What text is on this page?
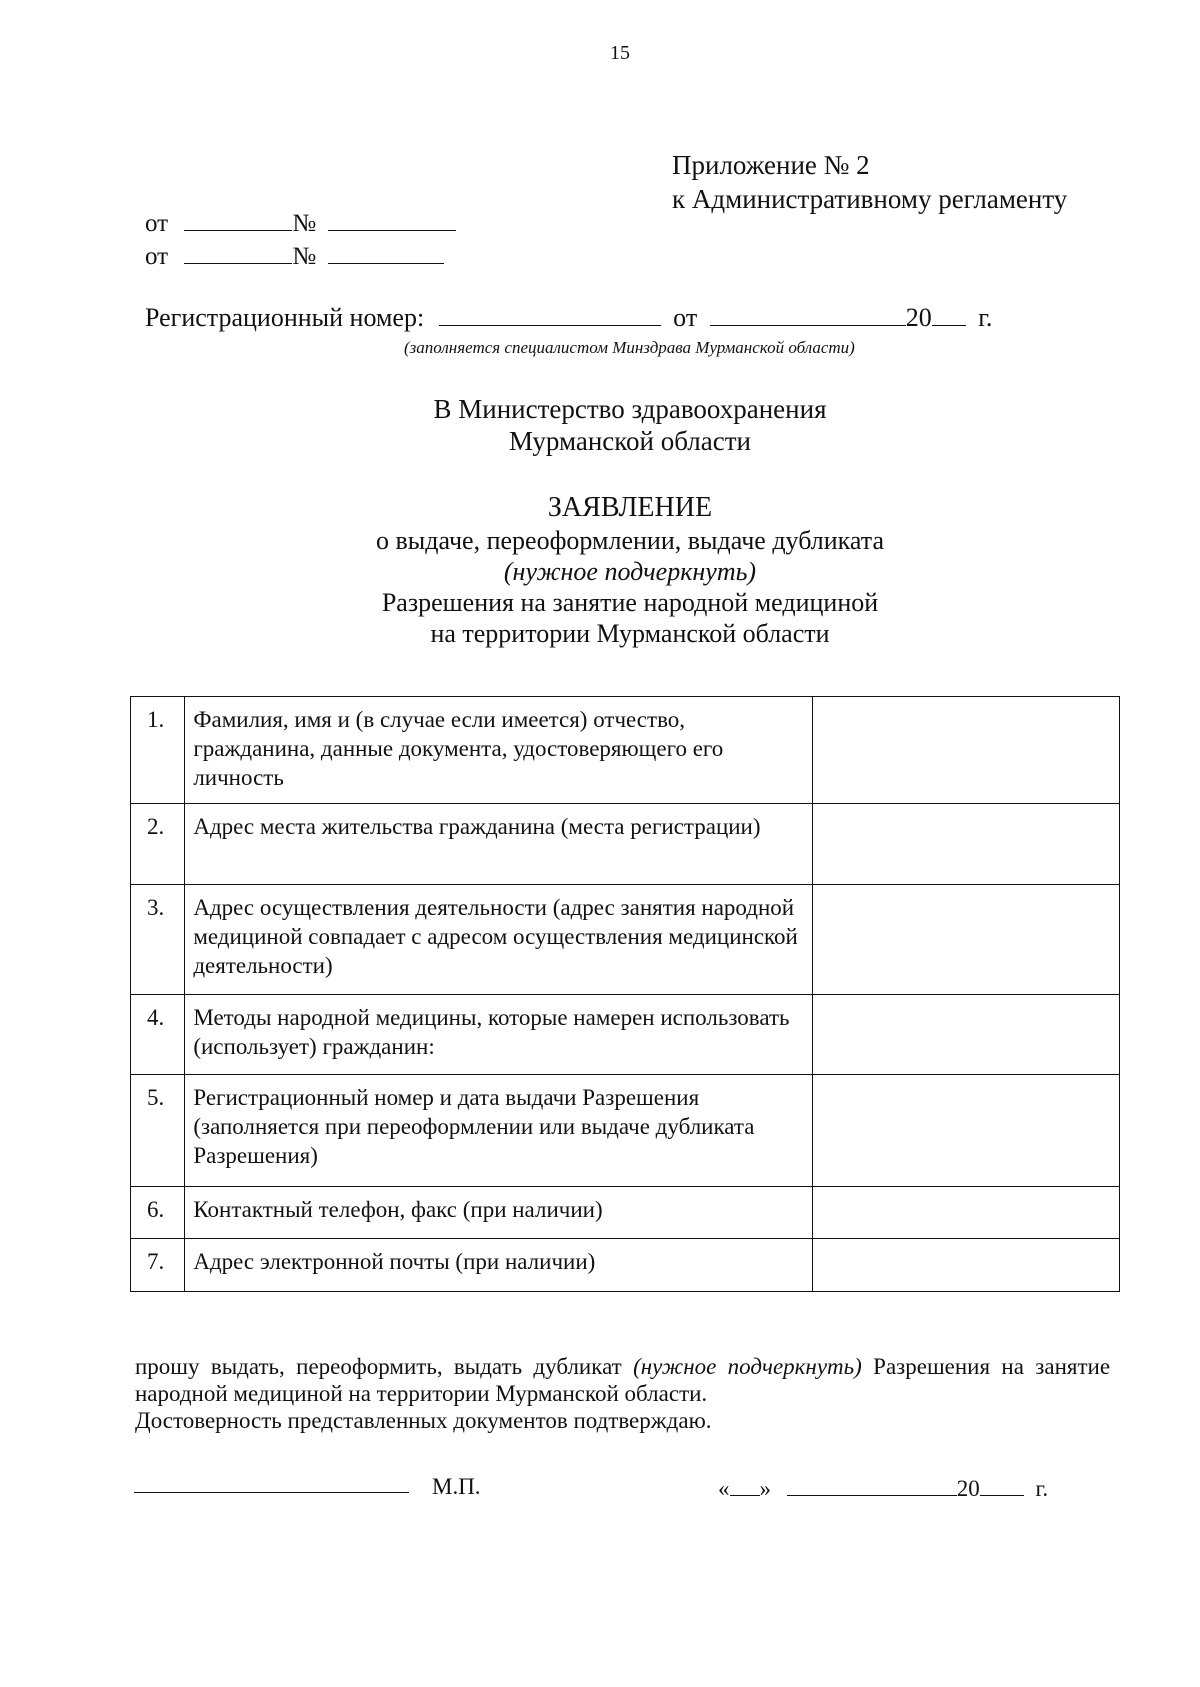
15
Приложение № 2
к Административному регламенту
от	№
от	№
Регистрационный номер:	от	20 г.
(заполняется специалистом Минздрава Мурманской области)
В Министерство здравоохранения
Мурманской области
ЗАЯВЛЕНИЕ
о выдаче, переоформлении, выдаче дубликата
(нужное подчеркнуть)
Разрешения на занятие народной медициной
на территории Мурманской области
1.	Фамилия, имя и (в случае если имеется) отчество, гражданина, данные документа, удостоверяющего его личность	
2.	Адрес места жительства гражданина (места регистрации)	
3.	Адрес осуществления деятельности (адрес занятия народной медициной совпадает с адресом осуществления медицинской деятельности)	
4.	Методы народной медицины, которые намерен использовать (использует) гражданин:	
5.	Регистрационный номер и дата выдачи Разрешения (заполняется при переоформлении или выдаче дубликата Разрешения)	
6.	Контактный телефон, факс (при наличии)	
7.	Адрес электронной почты (при наличии)	
прошу выдать, переоформить, выдать дубликат (нужное подчеркнуть) Разрешения на занятие народной медициной на территории Мурманской области.
Достоверность представленных документов подтверждаю.
М.П.	« »	20 г.
